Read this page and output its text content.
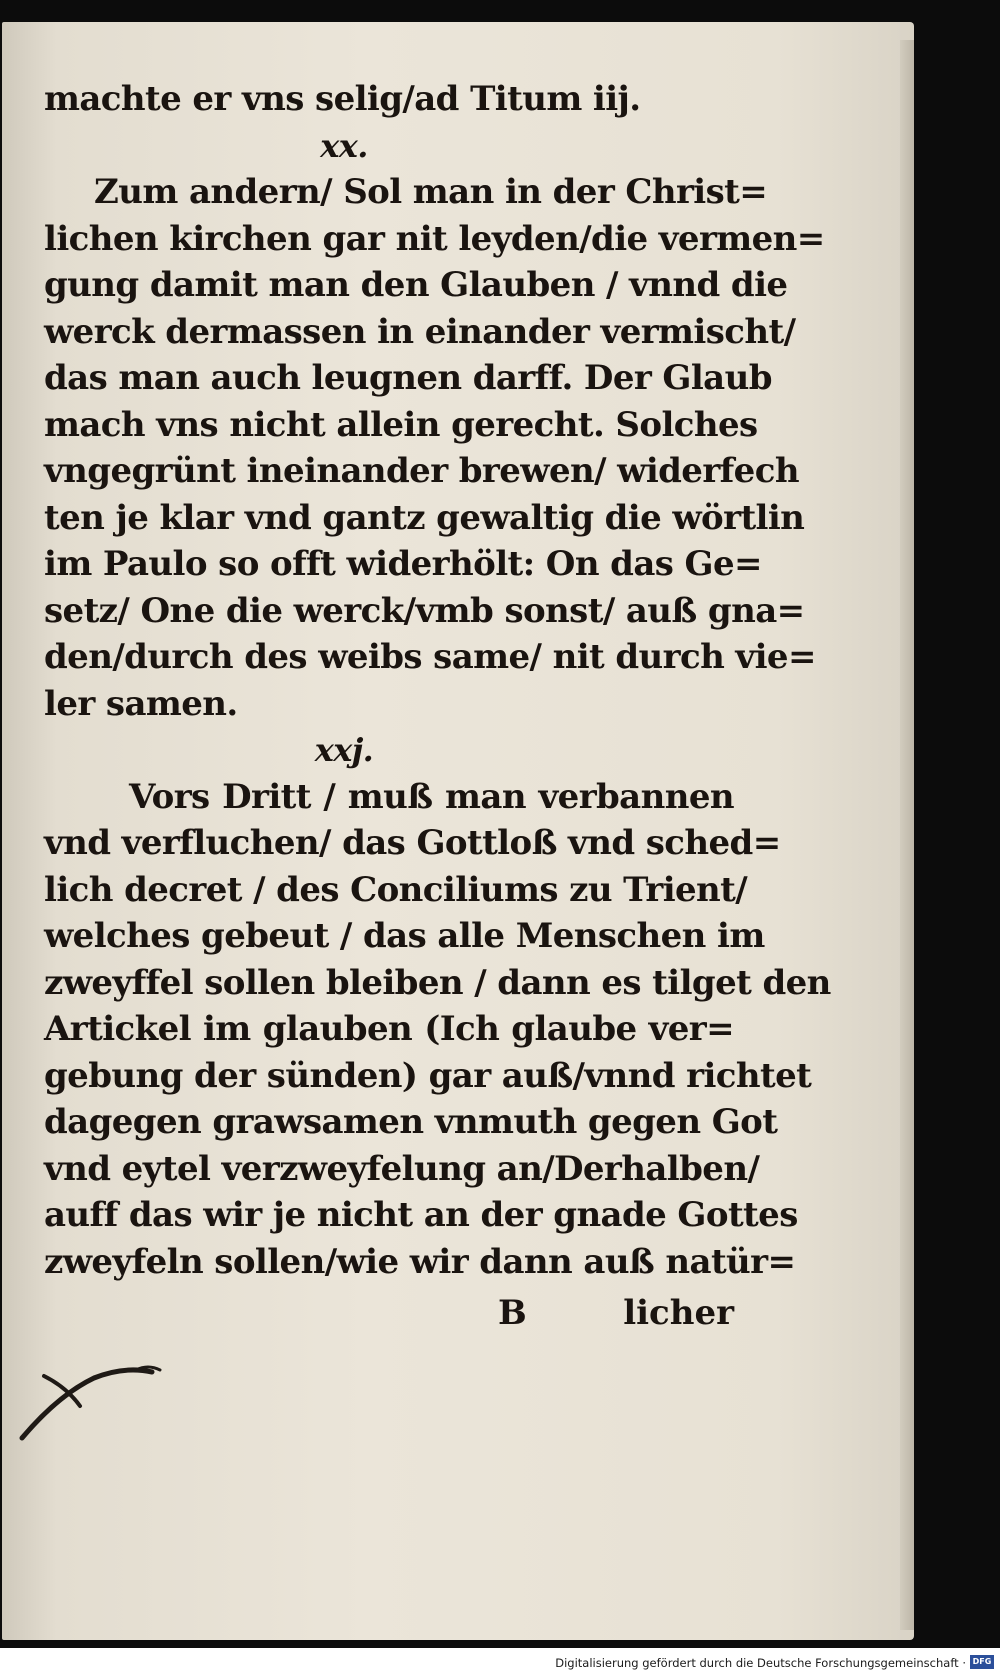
machte er vns selig/ad Titum iij.
xx.
Zum andern/ Sol man in der Christ=
lichen kirchen gar nit leyden/die vermen=
gung damit man den Glauben / vnnd die
werck dermassen in einander vermischt/
das man auch leugnen darff. Der Glaub
mach vns nicht allein gerecht. Solches
vngegrünt ineinander brewen/ widerfech
ten je klar vnd gantz gewaltig die wörtlin
im Paulo so offt widerhölt: On das Ge=
setz/ One die werck/vmb sonst/ auß gna=
den/durch des weibs same/ nit durch vie=
ler samen.
xxj.
Vors Dritt / muß man verbannen
vnd verfluchen/ das Gottloß vnd sched=
lich decret / des Conciliums zu Trient/
welches gebeut / das alle Menschen im
zweyffel sollen bleiben / dann es tilget den
Artickel im glauben (Ich glaube ver=
gebung der sünden) gar auß/vnnd richtet
dagegen grawsamen vnmuth gegen Got
vnd eytel verzweyfelung an/Derhalben/
auff das wir je nicht an der gnade Gottes
zweyfeln sollen/wie wir dann auß natür=
B	licher
Digitalisierung gefördert durch die Deutsche Forschungsgemeinschaft · DFG
